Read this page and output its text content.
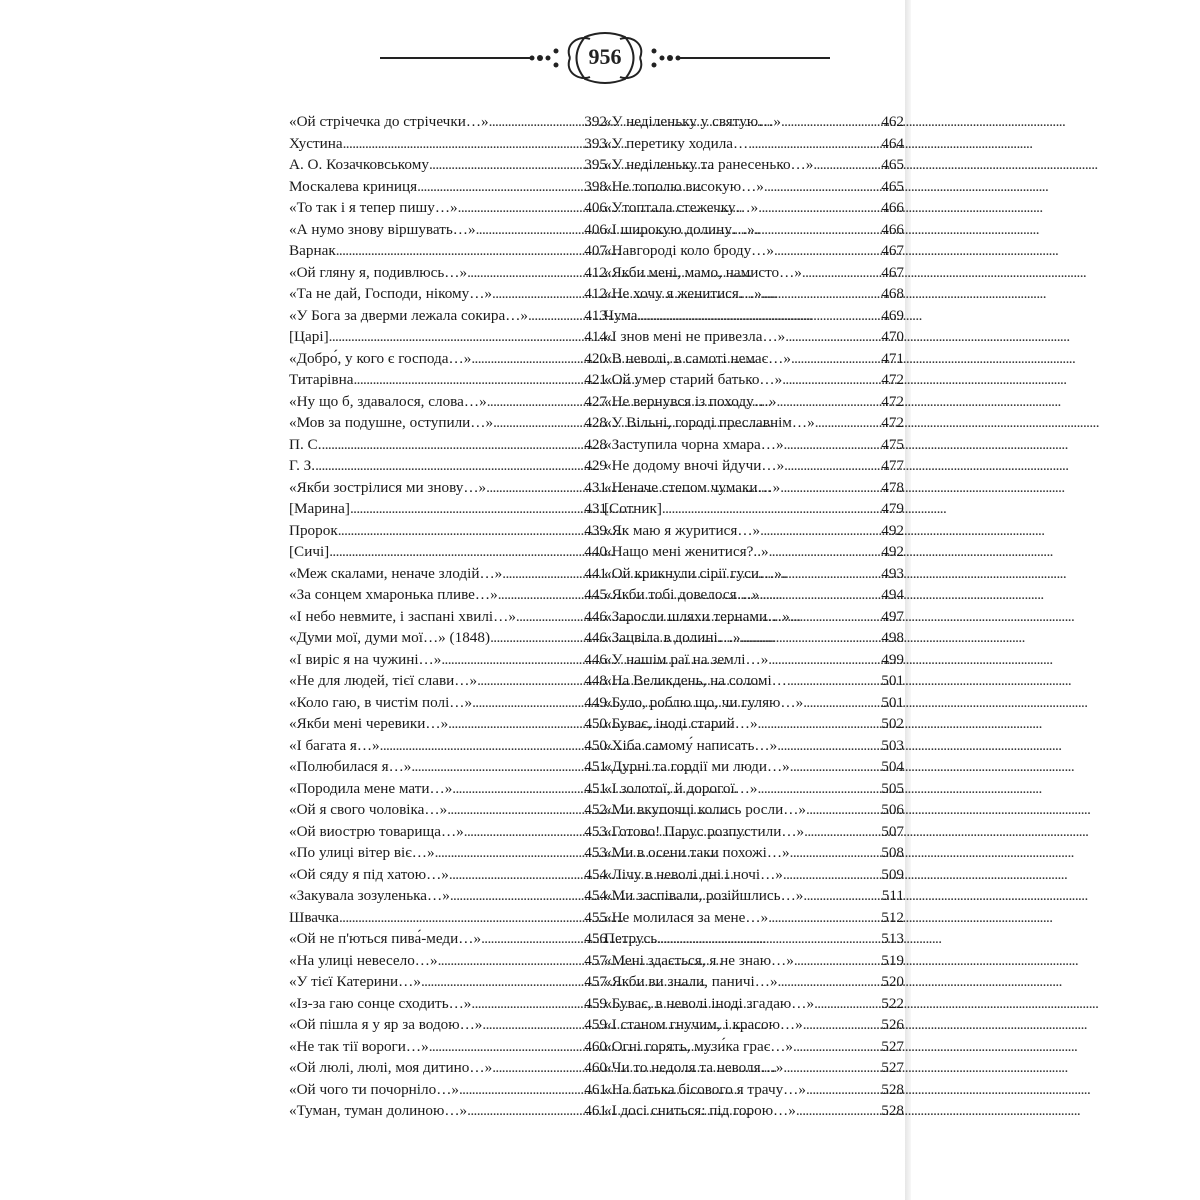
956
«Ой стрічечка до стрічечки…» . . .	392
Хустина . . .	393
А. О. Козачковському . . .	395
Москалева криниця . . .	398
«То так і я тепер пишу…» . . .	406
«А нумо знову віршувать…» . . .	406
Варнак . . .	407
«Ой гляну я, подивлюсь…» . . .	412
«Та не дай, Господи, нікому…» . . .	412
«У Бога за дверми лежала сокира…» . . .	413
[Царі] . . .	414
«Добро́, у кого є господа…» . . .	420
Титарівна . . .	421
«Ну що б, здавалося, слова…» . . .	427
«Мов за подушне, оступили…» . . .	428
П. С. . . .	428
Г. З. . . .	429
«Якби зострілися ми знову…» . . .	431
[Марина] . . .	431
Пророк . . .	439
[Сичі] . . .	440
«Меж скалами, неначе злодій…» . . .	441
«За сонцем хмаронька пливе…» . . .	445
«І небо невмите, і заспані хвилі…» . . .	446
«Думи мої, думи мої…» (1848) . . .	446
«І виріс я на чужині…» . . .	446
«Не для людей, тієї слави…» . . .	448
«Коло гаю, в чистім полі…» . . .	449
«Якби мені черевики…» . . .	450
«І багата я…» . . .	450
«Полюбилася я…» . . .	451
«Породила мене мати…» . . .	451
«Ой я свого чоловіка…» . . .	452
«Ой виострю товарища…» . . .	453
«По улиці вітер віє…» . . .	453
«Ой сяду я під хатою…» . . .	454
«Закувала зозуленька…» . . .	454
Швачка . . .	455
«Ой не п'ються пива́-меди…» . . .	456
«На улиці невесело…» . . .	457
«У тієї Катерини…» . . .	457
«Із-за гаю сонце сходить…» . . .	459
«Ой пішла я у яр за водою…» . . .	459
«Не так тії вороги…» . . .	460
«Ой люлі, люлі, моя дитино…» . . .	460
«Ой чого ти почорніло…» . . .	461
«Туман, туман долиною…» . . .	461
«У неділеньку у святую…» . . .	462
«У перетику ходила… . . .	464
«У неділеньку та ранесенько…» . . .	465
«Не тополю високую…» . . .	465
«Утоптала стежечку…» . . .	466
«І широкую долину…» . . .	466
«Навгороді коло броду…» . . .	467
«Якби мені, мамо, намисто…» . . .	467
«Не хочу я женитися…» . . .	468
Чума . . .	469
«І знов мені не привезла…» . . .	470
«В неволі, в самоті немає…» . . .	471
«Ой умер старий батько…» . . .	472
«Не вернувся із походу…» . . .	472
«У Вільні, городі преславнім…» . . .	472
«Заступила чорна хмара…» . . .	475
«Не додому вночі йдучи…» . . .	477
«Неначе степом чумаки…» . . .	478
[Сотник] . . .	479
«Як маю я журитися…» . . .	492
«Нащо мені женитися?..» . . .	492
«Ой крикнули сірії гуси…» . . .	493
«Якби тобі довелося…» . . .	494
«Заросли шляхи тернами…» . . .	497
«Зацвіла в долині…» . . .	498
«У нашім раї на землі…» . . .	499
«На Великдень, на соломі… . . .	501
«Було, роблю що, чи гуляю…» . . .	501
«Буває, іноді старий…» . . .	502
«Хіба самому́ написать…» . . .	503
«Дурні та гордії ми люди…» . . .	504
«І золотої, й дорогої…» . . .	505
«Ми вкупочці колись росли…» . . .	506
«Готово! Парус розпустили…» . . .	507
«Ми в осени таки похожі…» . . .	508
«Лічу в неволі дні і ночі…» . . .	509
«Ми заспівали, розійшлись…» . . .	511
«Не молилася за мене…» . . .	512
Петрусь . . .	513
«Мені здається, я не знаю…» . . .	519
«Якби ви знали, паничі…» . . .	520
«Буває, в неволі іноді згадаю…» . . .	522
«І станом гнучим, і красою…» . . .	526
«Огні горять, музи́ка грає…» . . .	527
«Чи то недоля та неволя…» . . .	527
«На батька бісового я трачу…» . . .	528
«І досі сниться: під горою…» . . .	528
